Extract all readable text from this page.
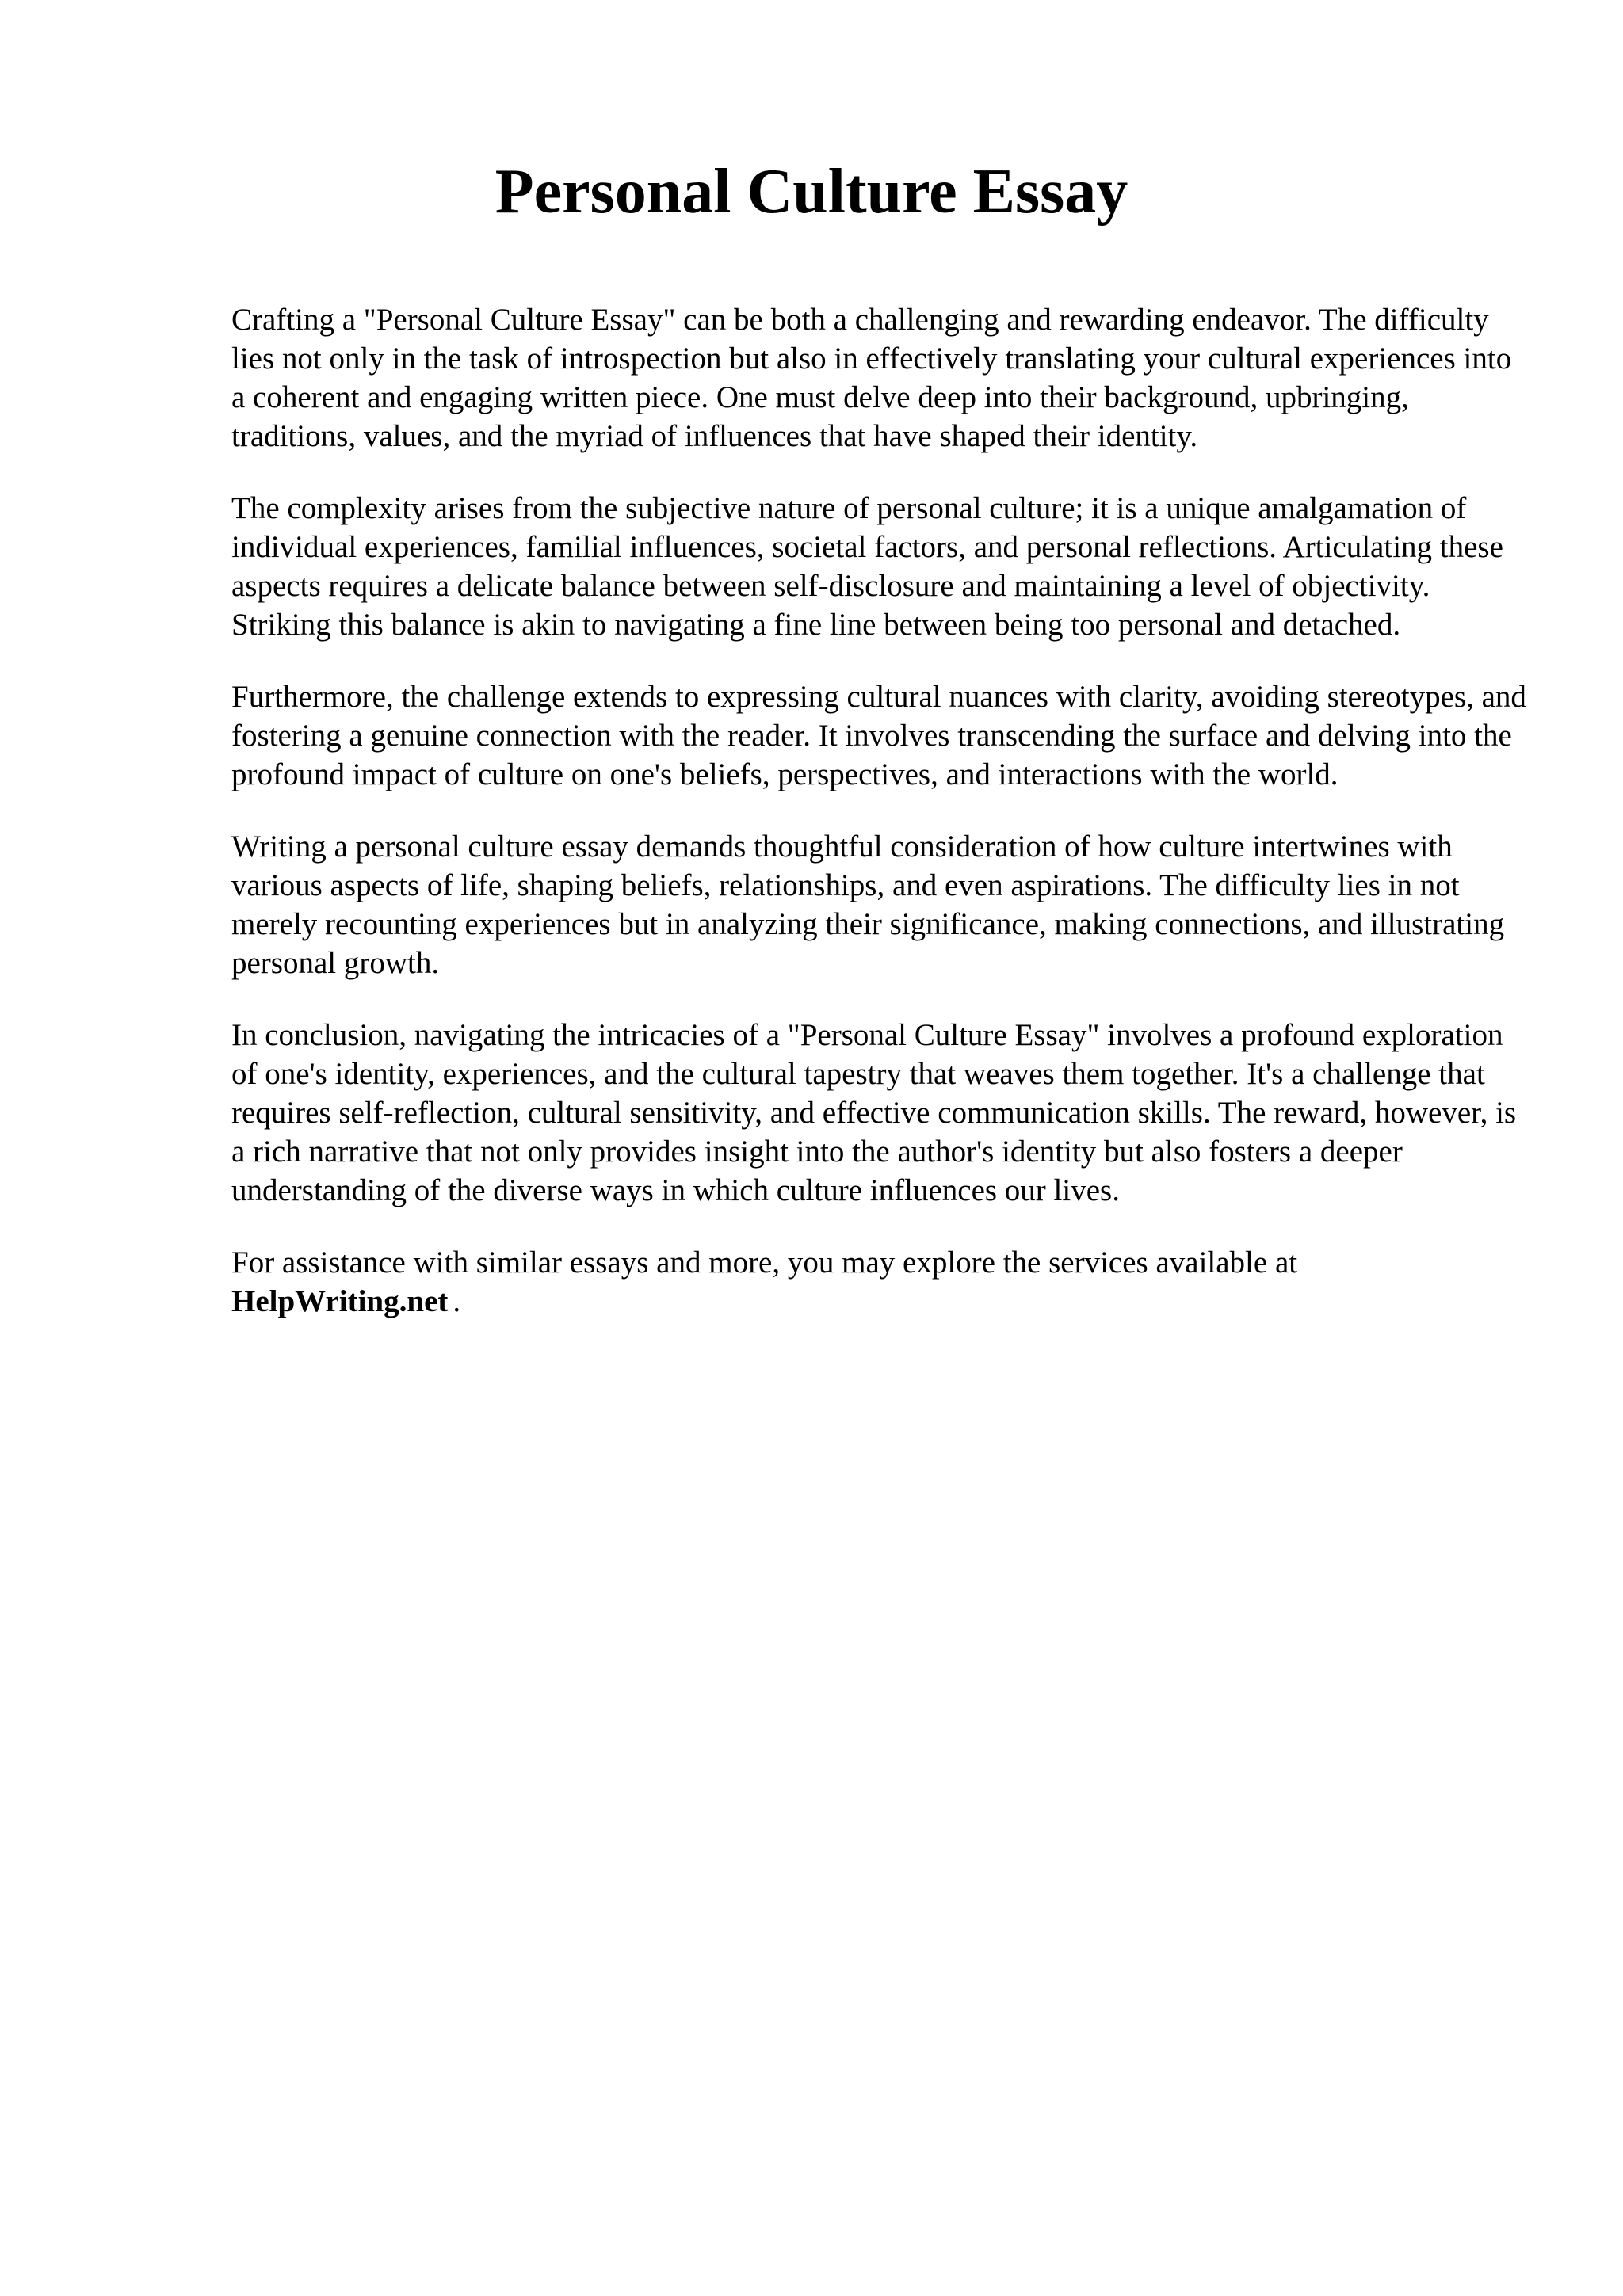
Personal Culture Essay

Crafting a "Personal Culture Essay" can be both a challenging and rewarding endeavor. The difficulty lies not only in the task of introspection but also in effectively translating your cultural experiences into a coherent and engaging written piece. One must delve deep into their background, upbringing, traditions, values, and the myriad of influences that have shaped their identity.

The complexity arises from the subjective nature of personal culture; it is a unique amalgamation of individual experiences, familial influences, societal factors, and personal reflections. Articulating these aspects requires a delicate balance between self-disclosure and maintaining a level of objectivity. Striking this balance is akin to navigating a fine line between being too personal and detached.

Furthermore, the challenge extends to expressing cultural nuances with clarity, avoiding stereotypes, and fostering a genuine connection with the reader. It involves transcending the surface and delving into the profound impact of culture on one's beliefs, perspectives, and interactions with the world.

Writing a personal culture essay demands thoughtful consideration of how culture intertwines with various aspects of life, shaping beliefs, relationships, and even aspirations. The difficulty lies in not merely recounting experiences but in analyzing their significance, making connections, and illustrating personal growth.

In conclusion, navigating the intricacies of a "Personal Culture Essay" involves a profound exploration of one's identity, experiences, and the cultural tapestry that weaves them together. It's a challenge that requires self-reflection, cultural sensitivity, and effective communication skills. The reward, however, is a rich narrative that not only provides insight into the author's identity but also fosters a deeper understanding of the diverse ways in which culture influences our lives.

For assistance with similar essays and more, you may explore the services available at
HelpWriting.net .
